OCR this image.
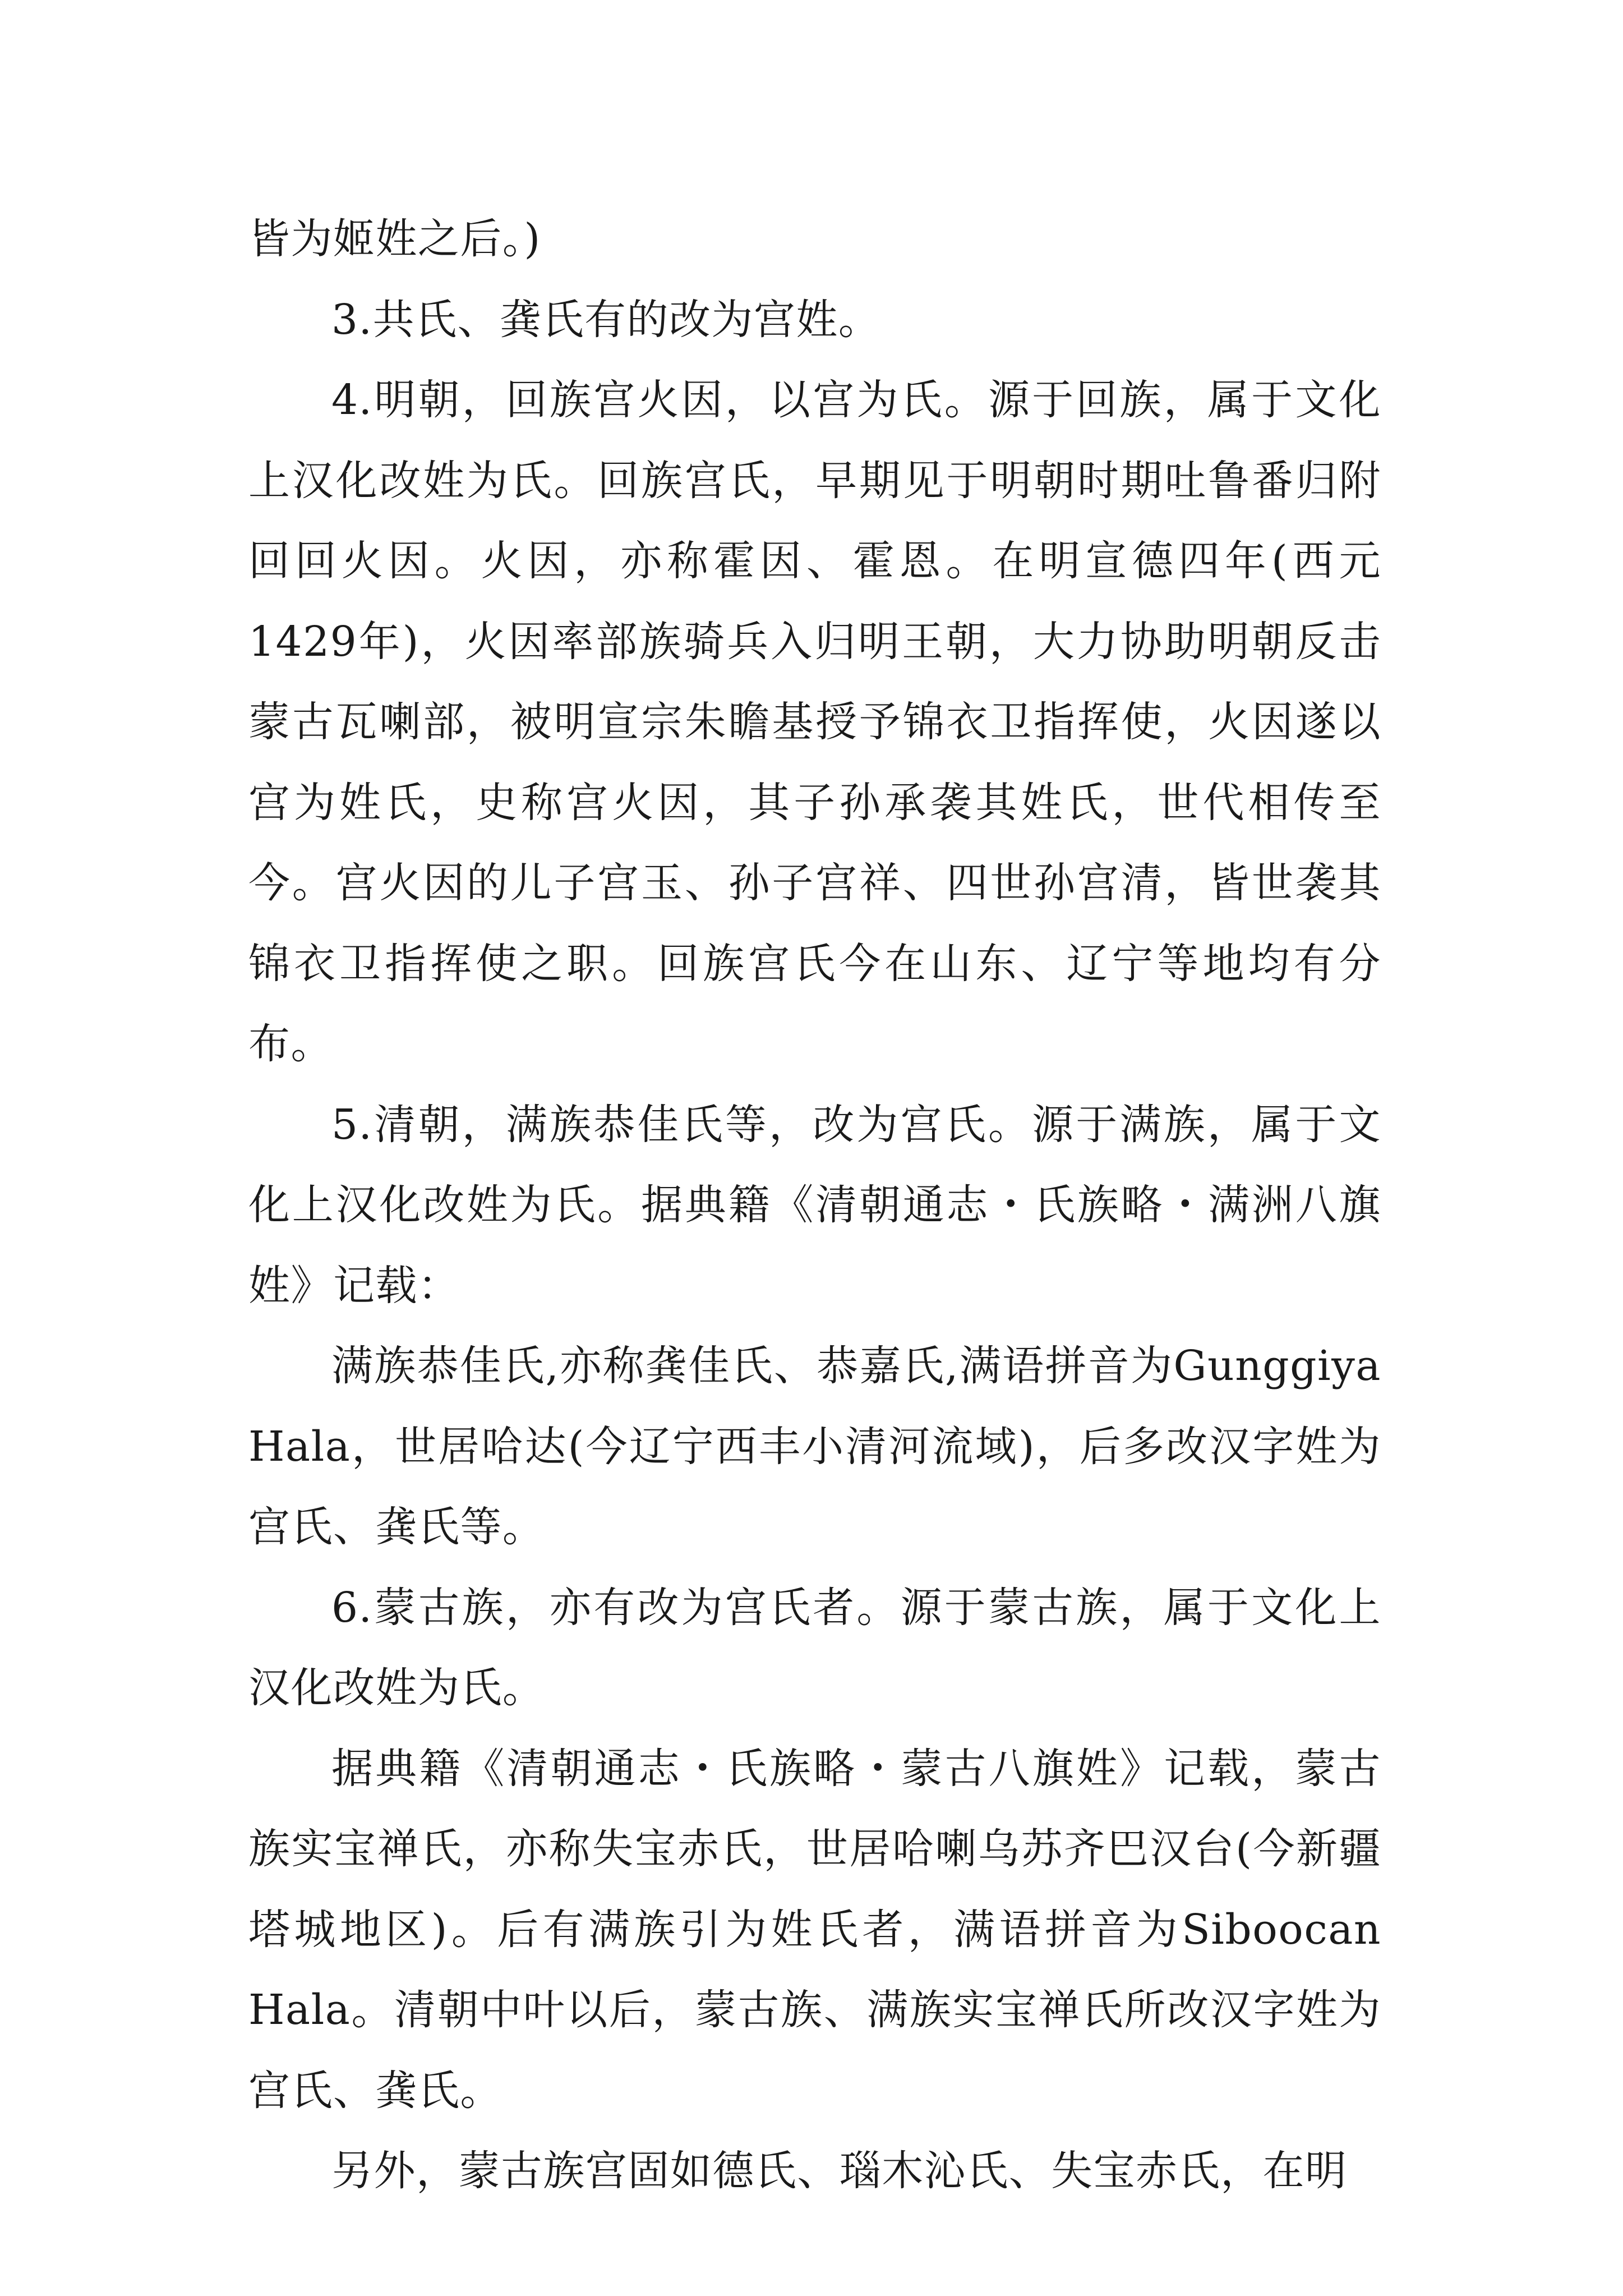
皆为姬姓之后。)

3.共氏、龚氏有的改为宫姓。

4.明朝，回族宫火因，以宫为氏。源于回族，属于文化上汉化改姓为氏。回族宫氏，早期见于明朝时期吐鲁番归附回回火因。火因，亦称霍因、霍恩。在明宣德四年(西元1429年)，火因率部族骑兵入归明王朝，大力协助明朝反击蒙古瓦喇部，被明宣宗朱瞻基授予锦衣卫指挥使，火因遂以宫为姓氏，史称宫火因，其子孙承袭其姓氏，世代相传至今。宫火因的儿子宫玉、孙子宫祥、四世孙宫清，皆世袭其锦衣卫指挥使之职。回族宫氏今在山东、辽宁等地均有分布。

5.清朝，满族恭佳氏等，改为宫氏。源于满族，属于文化上汉化改姓为氏。据典籍《清朝通志・氏族略・满洲八旗姓》记载：

满族恭佳氏,亦称龚佳氏、恭嘉氏,满语拼音为Gunggiya Hala，世居哈达(今辽宁西丰小清河流域)，后多改汉字姓为宫氏、龚氏等。

6.蒙古族，亦有改为宫氏者。源于蒙古族，属于文化上汉化改姓为氏。

据典籍《清朝通志・氏族略・蒙古八旗姓》记载，蒙古族实宝禅氏，亦称失宝赤氏，世居哈喇乌苏齐巴汉台(今新疆塔城地区)。后有满族引为姓氏者，满语拼音为Siboocan Hala。清朝中叶以后，蒙古族、满族实宝禅氏所改汉字姓为宫氏、龚氏。

另外，蒙古族宫固如德氏、瑙木沁氏、失宝赤氏，在明
